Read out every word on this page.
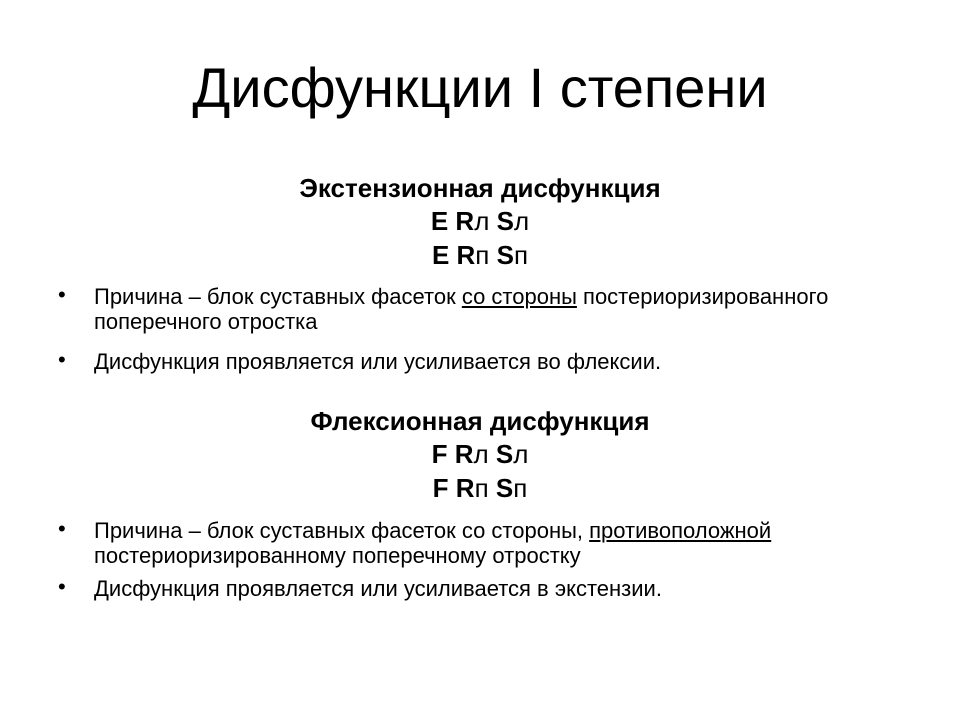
Дисфункции I степени

Экстензионная дисфункция

E Rл Sл

E Rп Sп

• Причина – блок суставных фасеток со стороны постериоризированного поперечного отростка
• Дисфункция проявляется или усиливается во флексии.

Флексионная дисфункция

F Rл Sл

F Rп Sп

• Причина – блок суставных фасеток со стороны, противоположной постериоризированному поперечному отростку
• Дисфункция проявляется или усиливается в экстензии.
